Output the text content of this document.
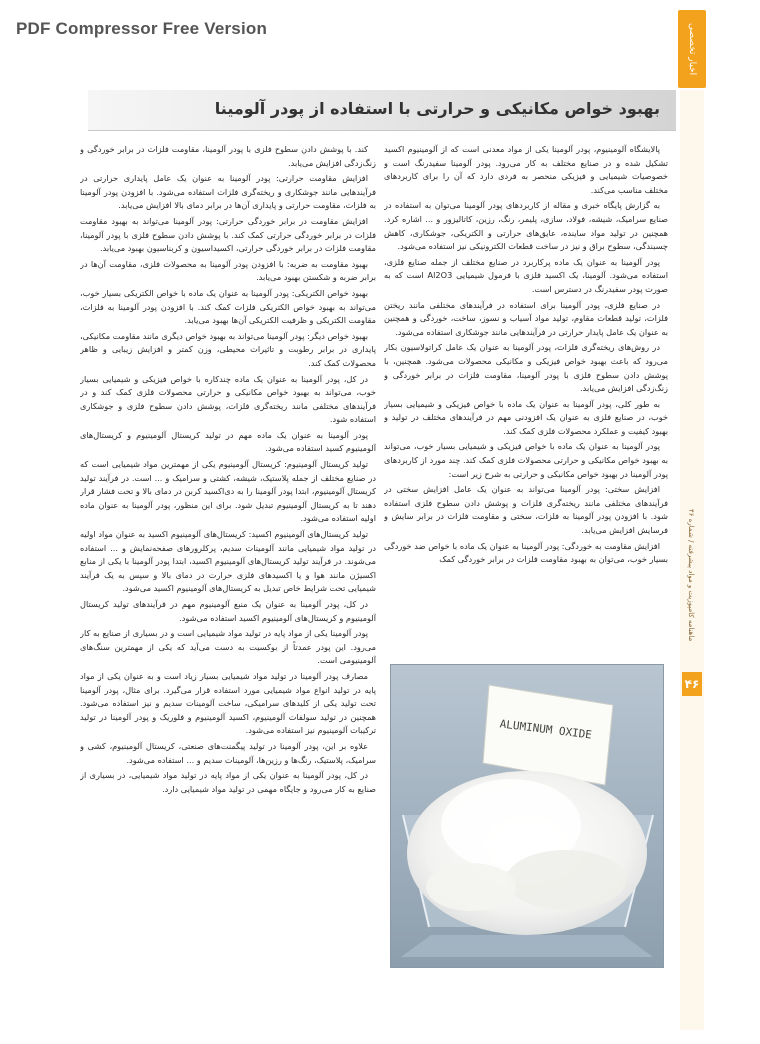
PDF Compressor Free Version	اخبار تخصصی
ماهنامه کامپوزیت و مواد پیشرفته / شماره ۴۶
۴۶
بهبود خواص مکانیکی و حرارتی با استفاده از پودر آلومینا

پالایشگاه آلومینیوم، پودر آلومینا یکی از مواد معدنی است که از آلومینیوم اکسید تشکیل شده و در صنایع مختلف به کار می‌رود. پودر آلومینا سفیدرنگ است و خصوصیات شیمیایی و فیزیکی منحصر به فردی دارد که آن را برای کاربردهای مختلف مناسب می‌کند.

به گزارش پایگاه خبری و مقاله از کاربردهای پودر آلومینا می‌توان به استفاده در صنایع سرامیک، شیشه، فولاد، سازی، پلیمر، رنگ، رزین، کاتالیزور و ... اشاره کرد. همچنین در تولید مواد ساینده، عایق‌های حرارتی و الکتریکی، جوشکاری، کاهش چسبندگی، سطوح براق و نیز در ساخت قطعات الکترونیکی نیز استفاده می‌شود.

پودر آلومینا به عنوان یک ماده پرکاربرد در صنایع مختلف از جمله صنایع فلزی، استفاده می‌شود. آلومینا، یک اکسید فلزی با فرمول شیمیایی Al2O3 است که به صورت پودر سفیدرنگ در دسترس است.

در صنایع فلزی، پودر آلومینا برای استفاده در فرآیندهای مختلفی مانند ریختن فلزات، تولید قطعات مقاوم، تولید مواد آسیاب و نسوز، ساخت، خوردگی و همچنین به عنوان یک عامل پایدار حرارتی در فرآیندهایی مانند جوشکاری استفاده می‌شود.

در روش‌های ریخته‌گری فلزات، پودر آلومینا به عنوان یک عامل کراتولاسیون بکار می‌رود که باعث بهبود خواص فیزیکی و مکانیکی محصولات می‌شود. همچنین، با پوشش دادن سطوح فلزی با پودر آلومینا، مقاومت فلزات در برابر خوردگی و زنگ‌زدگی افزایش می‌یابد.

به طور کلی، پودر آلومینا به عنوان یک ماده با خواص فیزیکی و شیمیایی بسیار خوب، در صنایع فلزی به عنوان یک افزودنی مهم در فرآیندهای مختلف در تولید و بهبود کیفیت و عملکرد محصولات فلزی کمک کند.

پودر آلومینا به عنوان یک ماده با خواص فیزیکی و شیمیایی بسیار خوب، می‌تواند به بهبود خواص مکانیکی و حرارتی محصولات فلزی کمک کند. چند مورد از کاربردهای پودر آلومینا در بهبود خواص مکانیکی و حرارتی به شرح زیر است:

افزایش سختی: پودر آلومینا می‌تواند به عنوان یک عامل افزایش سختی در فرآیندهای مختلفی مانند ریخته‌گری فلزات و پوشش دادن سطوح فلزی استفاده شود. با افزودن پودر آلومینا به فلزات، سختی و مقاومت فلزات در برابر سایش و فرسایش افزایش می‌یابد.

افزایش مقاومت به خوردگی: پودر آلومینا به عنوان یک ماده با خواص ضد خوردگی بسیار خوب، می‌توان به بهبود مقاومت فلزات در برابر خوردگی کمک

کند. با پوشش دادن سطوح فلزی با پودر آلومینا، مقاومت فلزات در برابر خوردگی و زنگ‌زدگی افزایش می‌یابد.

افزایش مقاومت حرارتی: پودر آلومینا به عنوان یک عامل پایداری حرارتی در فرآیندهایی مانند جوشکاری و ریخته‌گری فلزات استفاده می‌شود. با افزودن پودر آلومینا به فلزات، مقاومت حرارتی و پایداری آن‌ها در برابر دمای بالا افزایش می‌یابد.

افزایش مقاومت در برابر خوردگی حرارتی: پودر آلومینا می‌تواند به بهبود مقاومت فلزات در برابر خوردگی حرارتی کمک کند. با پوشش دادن سطوح فلزی با پودر آلومینا، مقاومت فلزات در برابر خوردگی حرارتی، اکسیداسیون و کربناسیون بهبود می‌یابد.

بهبود مقاومت به ضربه: با افزودن پودر آلومینا به محصولات فلزی، مقاومت آن‌ها در برابر ضربه و شکستن بهبود می‌یابد.

بهبود خواص الکتریکی: پودر آلومینا به عنوان یک ماده با خواص الکتریکی بسیار خوب، می‌تواند به بهبود خواص الکتریکی فلزات کمک کند. با افزودن پودر آلومینا به فلزات، مقاومت الکتریکی و ظرفیت الکتریکی آن‌ها بهبود می‌یابد.

بهبود خواص دیگر: پودر آلومینا می‌تواند به بهبود خواص دیگری مانند مقاومت مکانیکی، پایداری در برابر رطوبت و تاثیرات محیطی، وزن کمتر و افزایش زیبایی و ظاهر محصولات کمک کند.

در کل، پودر آلومینا به عنوان یک ماده چندکاره با خواص فیزیکی و شیمیایی بسیار خوب، می‌تواند به بهبود خواص مکانیکی و حرارتی محصولات فلزی کمک کند و در فرآیندهای مختلفی مانند ریخته‌گری فلزات، پوشش دادن سطوح فلزی و جوشکاری استفاده شود.

پودر آلومینا به عنوان یک ماده مهم در تولید کریستال آلومینیوم و کریستال‌های آلومینیوم کسید استفاده می‌شود.

تولید کریستال آلومینیوم: کریستال آلومینیوم یکی از مهمترین مواد شیمیایی است که در صنایع مختلف از جمله پلاستیک، شیشه، کشتی و سرامیک و ... است. در فرآیند تولید کریستال آلومینیوم، ابتدا پودر آلومینا را به دی‌اکسید کربن در دمای بالا و تحت فشار قرار دهند تا به کریستال آلومینیوم تبدیل شود. برای این منظور، پودر آلومینا به عنوان ماده اولیه استفاده می‌شود.

تولید کریستال‌های آلومینیوم اکسید: کریستال‌های آلومینیوم اکسید به عنوان مواد اولیه در تولید مواد شیمیایی مانند آلومینات سدیم، پرکلرورهای صفحه‌نمایش و ... استفاده می‌شوند. در فرآیند تولید کریستال‌های آلومینیوم اکسید، ابتدا پودر آلومینا با یکی از منابع اکسیژن مانند هوا و یا اکسیدهای فلزی حرارت در دمای بالا و سپس به یک فرآیند شیمیایی تحت شرایط خاص تبدیل به کریستال‌های آلومینیوم اکسید می‌شود.

در کل، پودر آلومینا به عنوان یک منبع آلومینیوم مهم در فرآیندهای تولید کریستال آلومینیوم و کریستال‌های آلومینیوم اکسید استفاده می‌شود.

پودر آلومینا یکی از مواد پایه در تولید مواد شیمیایی است و در بسیاری از صنایع به کار می‌رود. این پودر عمدتاً از بوکسیت به دست می‌آید که یکی از مهمترین سنگ‌های آلومینیومی است.

مصارف پودر آلومینا در تولید مواد شیمیایی بسیار زیاد است و به عنوان یکی از مواد پایه در تولید انواع مواد شیمیایی مورد استفاده قرار می‌گیرد. برای مثال، پودر آلومینا تحت تولید یکی از کلیدهای سرامیکی، ساخت آلومینات سدیم و نیز استفاده می‌شود. همچنین در تولید سولفات آلومینیوم، اکسید آلومینیوم و فلوریک و پودر آلومینا در تولید ترکیبات آلومینیوم نیز استفاده می‌شود.

علاوه بر این، پودر آلومینا در تولید پیگمنت‌های صنعتی، کریستال آلومینیوم، کشی و سرامیک، پلاستیک، رنگ‌ها و رزین‌ها، آلومینات سدیم و ... استفاده می‌شود.

در کل، پودر آلومینا به عنوان یکی از مواد پایه در تولید مواد شیمیایی، در بسیاری از صنایع به کار می‌رود و جایگاه مهمی در تولید مواد شیمیایی دارد.

ALUMINUM OXIDE
